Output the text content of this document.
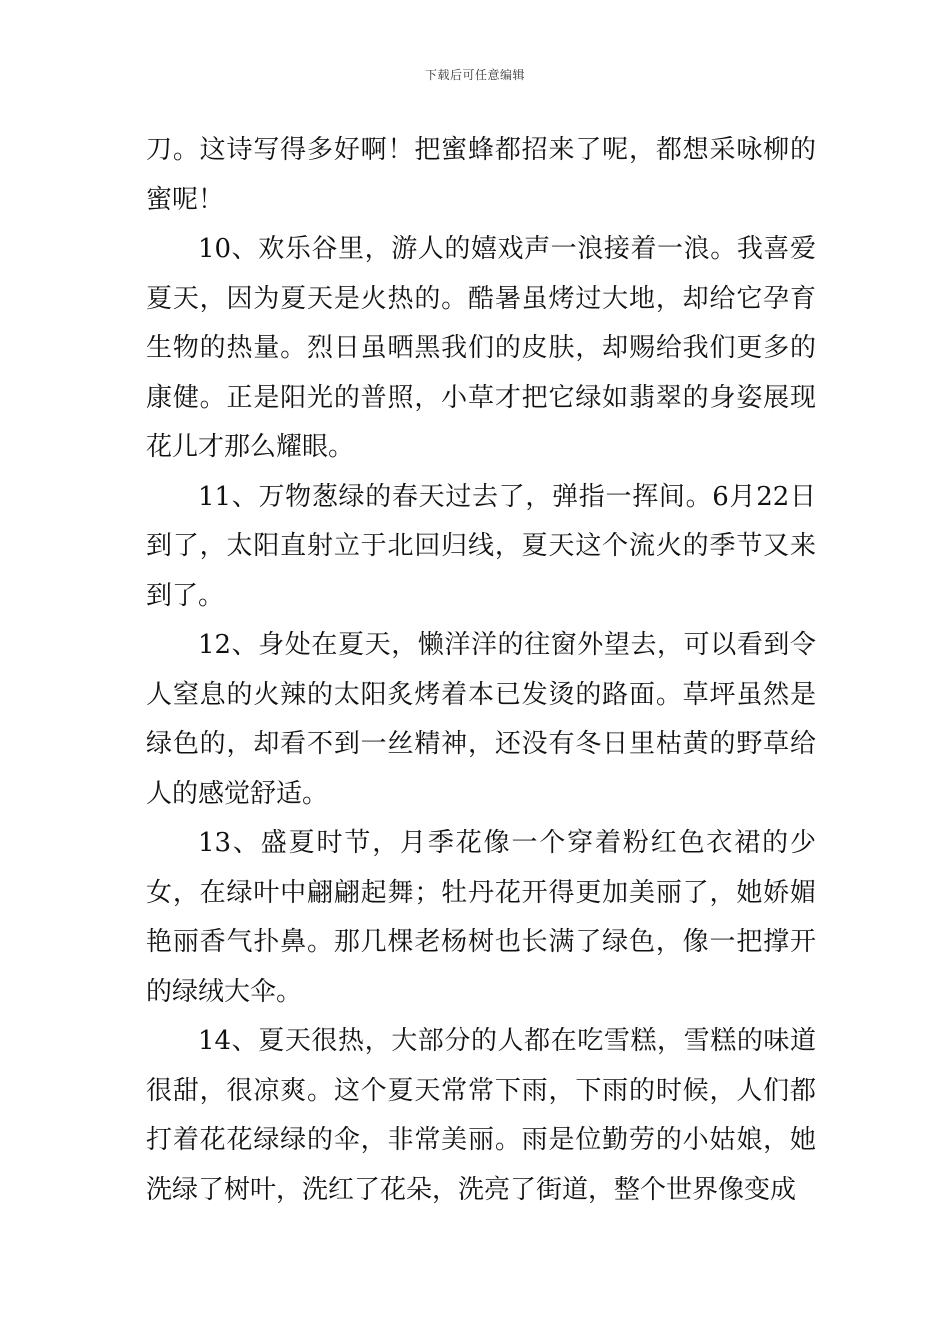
下载后可任意编辑

刀。这诗写得多好啊！把蜜蜂都招来了呢，都想采咏柳的蜜呢！

10、欢乐谷里，游人的嬉戏声一浪接着一浪。我喜爱夏天，因为夏天是火热的。酷暑虽烤过大地，却给它孕育生物的热量。烈日虽晒黑我们的皮肤，却赐给我们更多的康健。正是阳光的普照，小草才把它绿如翡翠的身姿展现花儿才那么耀眼。

11、万物葱绿的春天过去了，弹指一挥间。6月22日到了，太阳直射立于北回归线，夏天这个流火的季节又来到了。

12、身处在夏天，懒洋洋的往窗外望去，可以看到令人窒息的火辣的太阳炙烤着本已发烫的路面。草坪虽然是绿色的，却看不到一丝精神，还没有冬日里枯黄的野草给人的感觉舒适。

13、盛夏时节，月季花像一个穿着粉红色衣裙的少女，在绿叶中翩翩起舞；牡丹花开得更加美丽了，她娇媚艳丽香气扑鼻。那几棵老杨树也长满了绿色，像一把撑开的绿绒大伞。

14、夏天很热，大部分的人都在吃雪糕，雪糕的味道很甜，很凉爽。这个夏天常常下雨，下雨的时候，人们都打着花花绿绿的伞，非常美丽。雨是位勤劳的小姑娘，她洗绿了树叶，洗红了花朵，洗亮了街道，整个世界像变成
